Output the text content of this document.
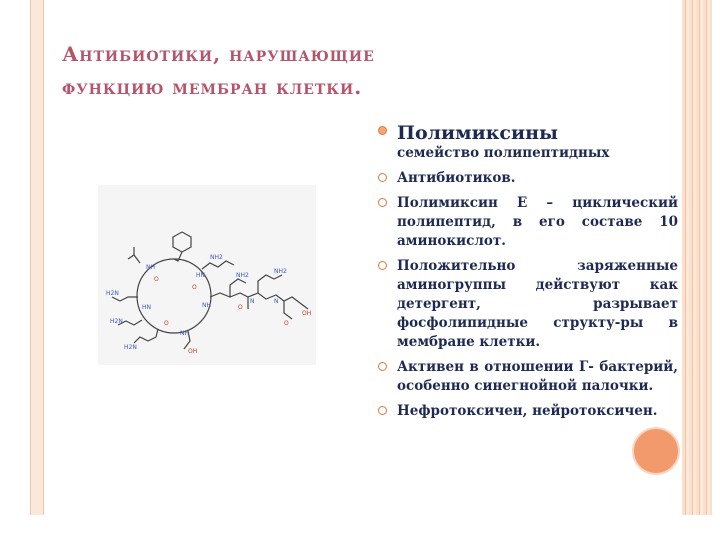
Антибиотики, нарушающие
функцию мембран клетки.
NH2
H2N
H2N
H2N
NH2
NH2
NH
HN
NH
NH
HN
N	N
O
O
O
O
O
OH
OH
Полимиксины
семейство полипептидных
Антибиотиков.
Полимиксин Е – циклический полипептид, в его составе 10 аминокислот.
Положительно заряженные аминогруппы действуют как детергент, разрывает фосфолипидные структу-ры в мембране клетки.
Активен в отношении Г- бактерий, особенно синегнойной палочки.
Нефротоксичен, нейротоксичен.
